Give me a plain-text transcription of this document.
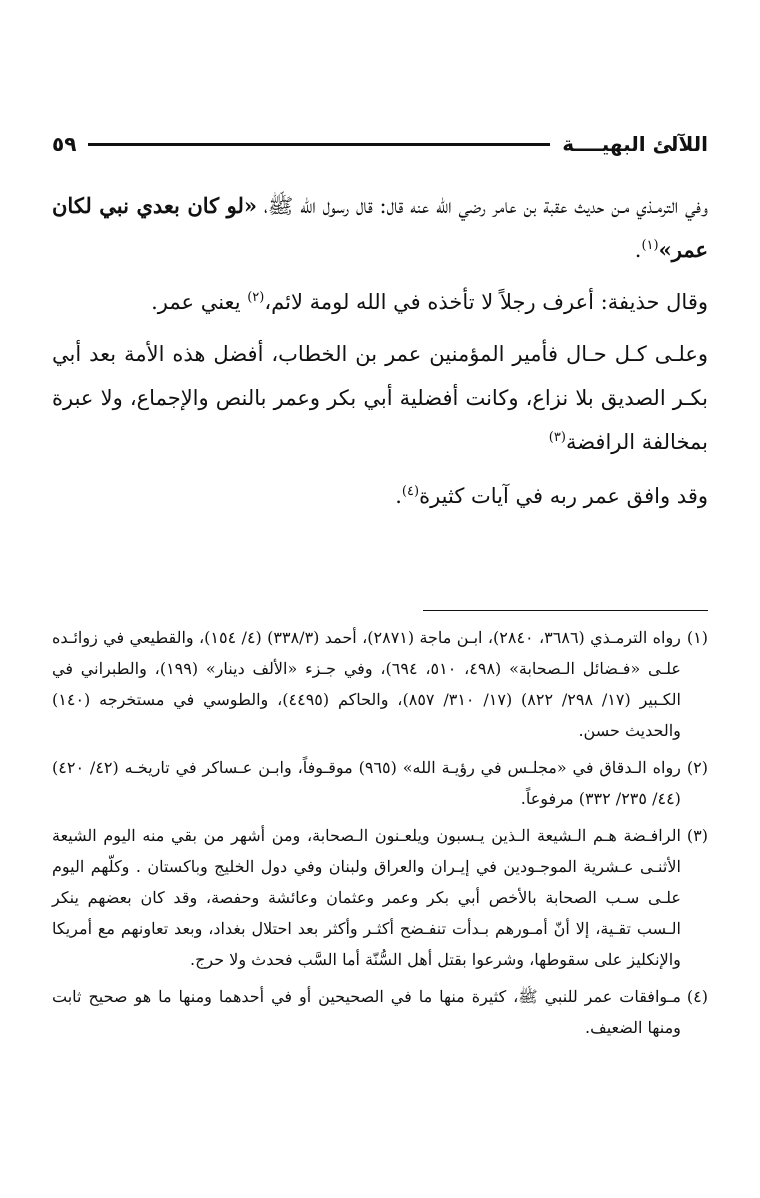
اللآلئ البهيــــة
٥٩

وفي الترمـذي مـن حديث عقبة بن عامر رضي الله عنه قال: قال رسول الله ﷺ، «لو كان بعدي نبي لكان عمر»$^{(١)}$.

وقال حذيفة: أعرف رجلاً لا تأخذه في الله لومة لائم،$^{(٢)}$ يعني عمر.

وعلـى كـل حـال فأمير المؤمنين عمر بن الخطاب، أفضل هذه الأمة بعد أبي بكـر الصديق بلا نزاع، وكانت أفضلية أبي بكر وعمر بالنص والإجماع، ولا عبرة بمخالفة الرافضة$^{(٣)}$

وقد وافق عمر ربه في آيات كثيرة$^{(٤)}$.

(١)
رواه الترمـذي (٣٦٨٦، ٢٨٤٠)، ابـن ماجة (٢٨٧١)، أحمد (٣٣٨/٣) (٤/ ١٥٤)، والقطيعي في زوائـده علـى «فـضائل الـصحابة» (٤٩٨، ٥١٠، ٦٩٤)، وفي جـزء «الألف دينار» (١٩٩)، والطبراني في الكـبير (١٧/ ٢٩٨/ ٨٢٢) (١٧/ ٣١٠/ ٨٥٧)، والحاكم (٤٤٩٥)، والطوسي في مستخرجه (١٤٠) والحديث حسن.
(٢)
رواه الـدقاق في «مجلـس في رؤيـة الله» (٩٦٥) موقـوفاً، وابـن عـساكر في تاريخـه (٤٢/ ٤٢٠) (٤٤/ ٢٣٥/ ٣٣٢) مرفوعاً.
(٣)
الرافـضة هـم الـشيعة الـذين يـسبون ويلعـنون الـصحابة، ومن أشهر من بقي منه اليوم الشيعة الأثنـى عـشرية الموجـودين في إيـران والعراق ولبنان وفي دول الخليج وباكستان . وكلّهم اليوم علـى سـب الصحابة بالأخص أبي بكر وعمر وعثمان وعائشة وحفصة، وقد كان بعضهم ينكر الـسب تقـية، إلا أنّ أمـورهم بـدأت تنفـضح أكثـر وأكثر بعد احتلال بغداد، وبعد تعاونهم مع أمريكا والإنكليز على سقوطها، وشرعوا بقتل أهل السُّنّة أما السَّب فحدث ولا حرج.
(٤)
مـوافقات عمر للنبي ﷺ، كثيرة منها ما في الصحيحين أو في أحدهما ومنها ما هو صحيح ثابت ومنها الضعيف.
